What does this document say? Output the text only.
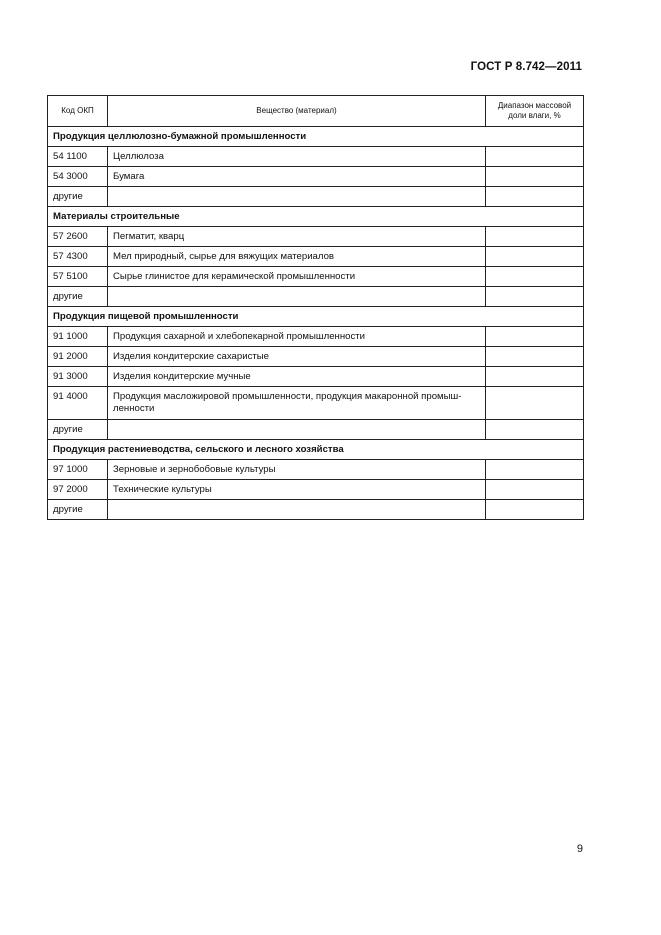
ГОСТ Р 8.742—2011
Код ОКП	Вещество (материал)	Диапазон массовой доли влаги, %
Продукция целлюлозно-бумажной промышленности		
54 1100	Целлюлоза	
54 3000	Бумага	
другие		
Материалы строительные		
57 2600	Пегматит, кварц	
57 4300	Мел природный, сырье для вяжущих материалов	
57 5100	Сырье глинистое для керамической промышленности	
другие		
Продукция пищевой промышленности		
91 1000	Продукция сахарной и хлебопекарной промышленности	
91 2000	Изделия кондитерские сахаристые	
91 3000	Изделия кондитерские мучные	
91 4000	Продукция масложировой промышленности, продукция макаронной промыш-ленности	
другие		
Продукция растениеводства, сельского и лесного хозяйства		
97 1000	Зерновые и зернобобовые культуры	
97 2000	Технические культуры	
другие		
9
